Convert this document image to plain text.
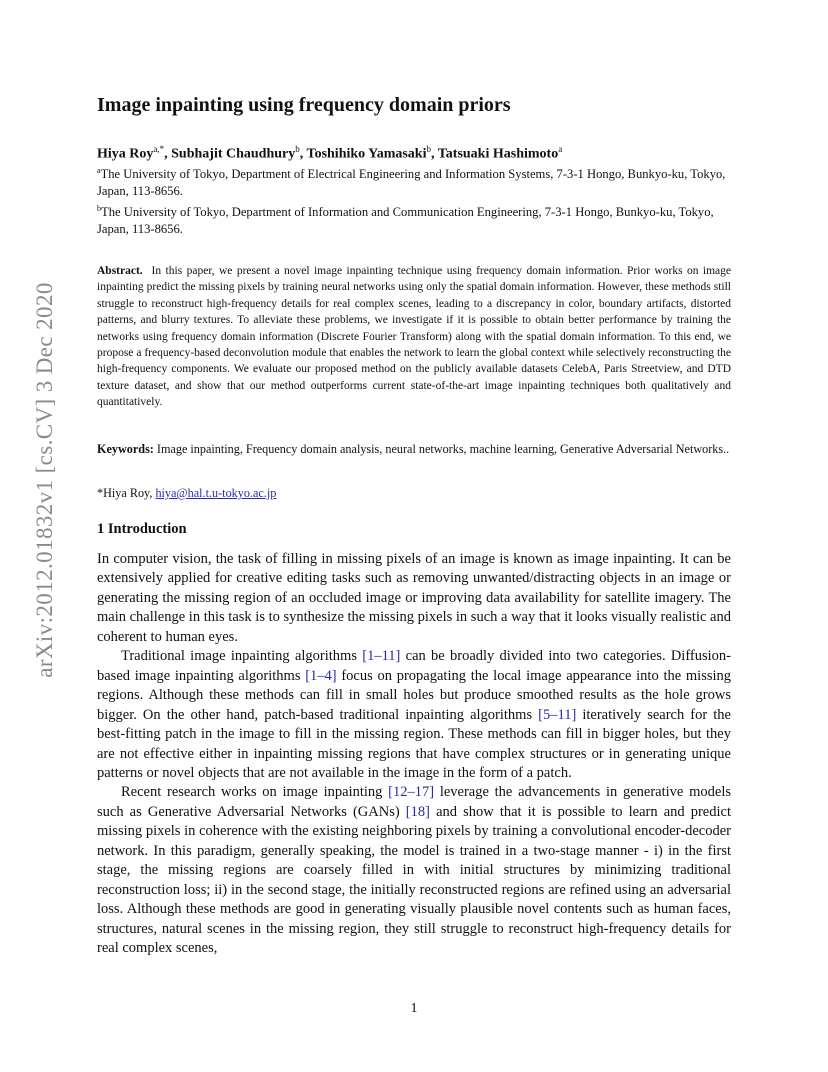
arXiv:2012.01832v1 [cs.CV] 3 Dec 2020
Image inpainting using frequency domain priors
Hiya Roy$^{a,*}$, Subhajit Chaudhury$^b$, Toshihiko Yamasaki$^b$, Tatsuaki Hashimoto$^a$

$^a$The University of Tokyo, Department of Electrical Engineering and Information Systems, 7-3-1 Hongo, Bunkyo-ku, Tokyo, Japan, 113-8656.

$^b$The University of Tokyo, Department of Information and Communication Engineering, 7-3-1 Hongo, Bunkyo-ku, Tokyo, Japan, 113-8656.

Abstract. In this paper, we present a novel image inpainting technique using frequency domain information. Prior works on image inpainting predict the missing pixels by training neural networks using only the spatial domain information. However, these methods still struggle to reconstruct high-frequency details for real complex scenes, leading to a discrepancy in color, boundary artifacts, distorted patterns, and blurry textures. To alleviate these problems, we investigate if it is possible to obtain better performance by training the networks using frequency domain information (Discrete Fourier Transform) along with the spatial domain information. To this end, we propose a frequency-based deconvolution module that enables the network to learn the global context while selectively reconstructing the high-frequency components. We evaluate our proposed method on the publicly available datasets CelebA, Paris Streetview, and DTD texture dataset, and show that our method outperforms current state-of-the-art image inpainting techniques both qualitatively and quantitatively.
Keywords: Image inpainting, Frequency domain analysis, neural networks, machine learning, Generative Adversarial Networks..
*Hiya Roy, hiya@hal.t.u-tokyo.ac.jp
1 Introduction

In computer vision, the task of filling in missing pixels of an image is known as image inpainting. It can be extensively applied for creative editing tasks such as removing unwanted/distracting objects in an image or generating the missing region of an occluded image or improving data availability for satellite imagery. The main challenge in this task is to synthesize the missing pixels in such a way that it looks visually realistic and coherent to human eyes.

Traditional image inpainting algorithms [1–11] can be broadly divided into two categories. Diffusion-based image inpainting algorithms [1–4] focus on propagating the local image appearance into the missing regions. Although these methods can fill in small holes but produce smoothed results as the hole grows bigger. On the other hand, patch-based traditional inpainting algorithms [5–11] iteratively search for the best-fitting patch in the image to fill in the missing region. These methods can fill in bigger holes, but they are not effective either in inpainting missing regions that have complex structures or in generating unique patterns or novel objects that are not available in the image in the form of a patch.

Recent research works on image inpainting [12–17] leverage the advancements in generative models such as Generative Adversarial Networks (GANs) [18] and show that it is possible to learn and predict missing pixels in coherence with the existing neighboring pixels by training a convolutional encoder-decoder network. In this paradigm, generally speaking, the model is trained in a two-stage manner - i) in the first stage, the missing regions are coarsely filled in with initial structures by minimizing traditional reconstruction loss; ii) in the second stage, the initially reconstructed regions are refined using an adversarial loss. Although these methods are good in generating visually plausible novel contents such as human faces, structures, natural scenes in the missing region, they still struggle to reconstruct high-frequency details for real complex scenes,

1
